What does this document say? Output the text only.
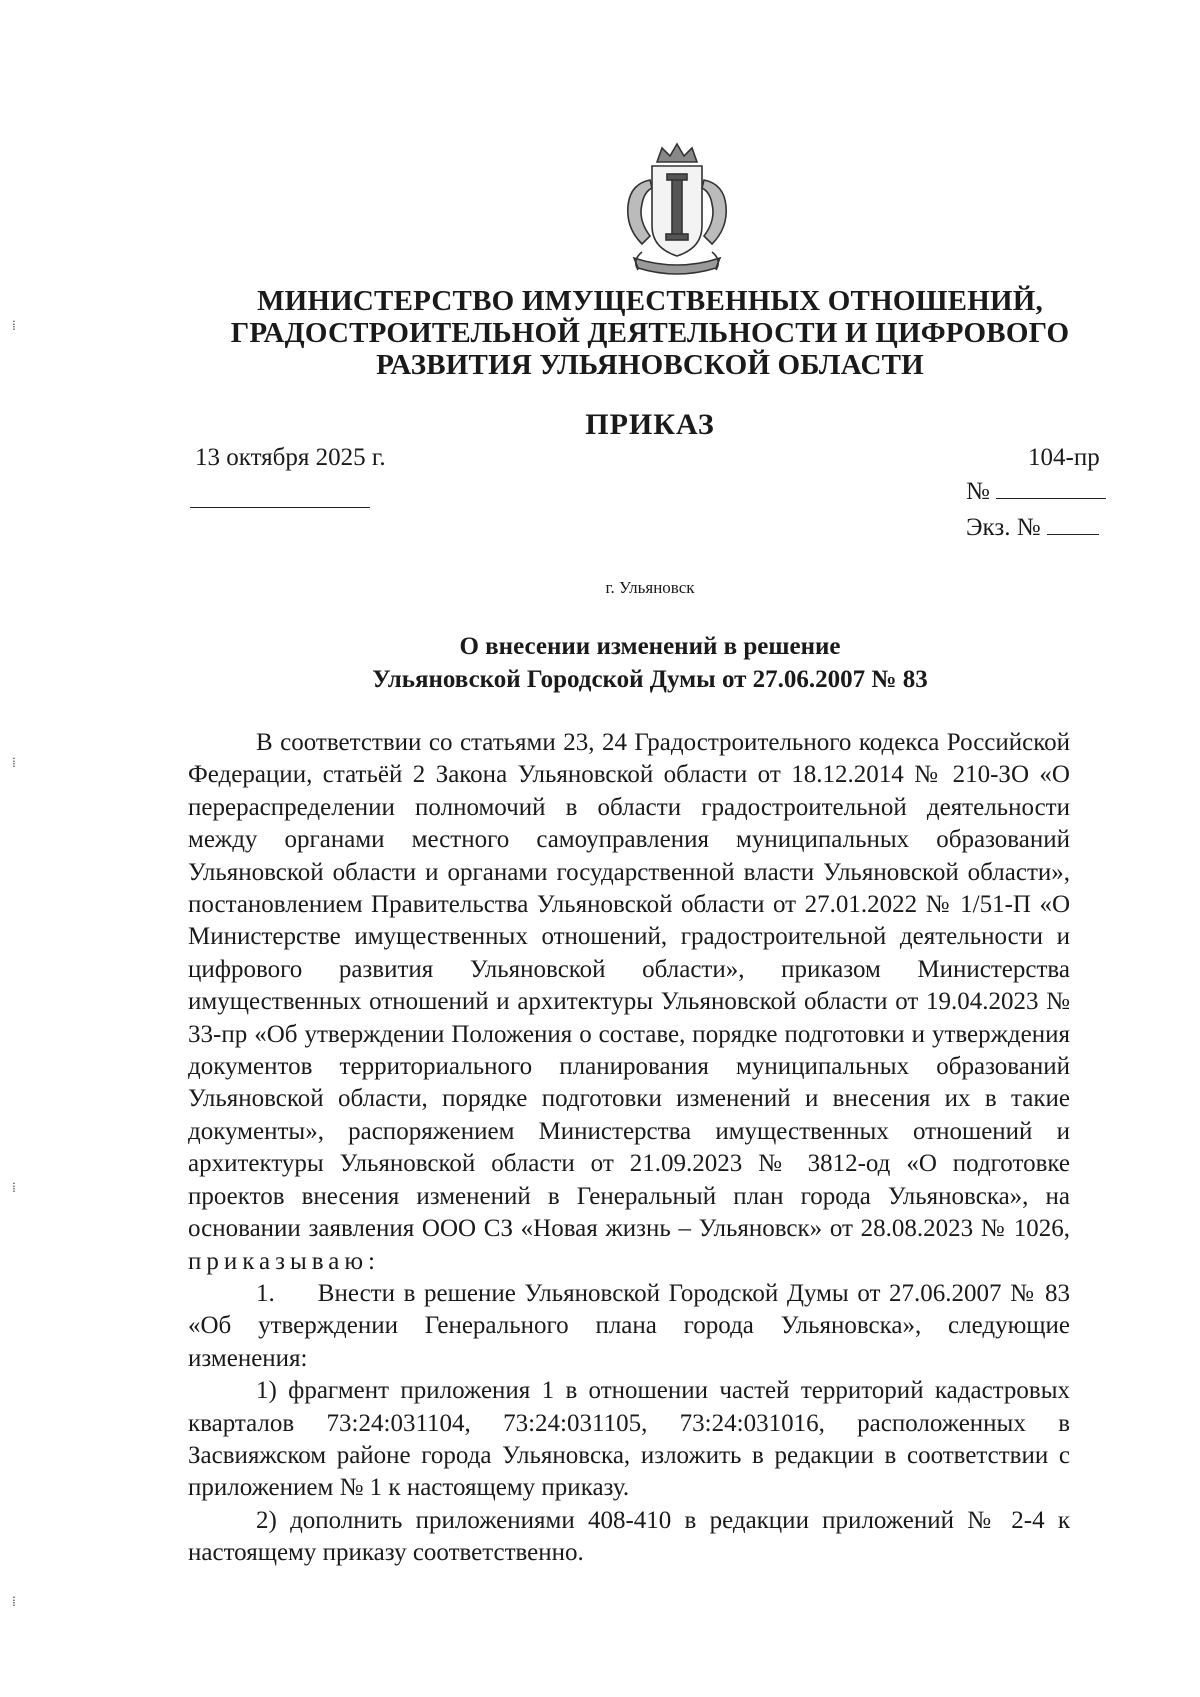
МИНИСТЕРСТВО ИМУЩЕСТВЕННЫХ ОТНОШЕНИЙ,
ГРАДОСТРОИТЕЛЬНОЙ ДЕЯТЕЛЬНОСТИ И ЦИФРОВОГО
РАЗВИТИЯ УЛЬЯНОВСКОЙ ОБЛАСТИ
ПРИКАЗ
13 октября 2025 г.	104-пр
№
Экз. №
г. Ульяновск
О внесении изменений в решение
Ульяновской Городской Думы от 27.06.2007 № 83

В соответствии со статьями 23, 24 Градостроительного кодекса Российской Федерации, статьёй 2 Закона Ульяновской области от 18.12.2014 № 210-ЗО «О перераспределении полномочий в области градостроительной деятельности между органами местного самоуправления муниципальных образований Ульяновской области и органами государственной власти Ульяновской области», постановлением Правительства Ульяновской области от 27.01.2022 № 1/51-П «О Министерстве имущественных отношений, градостроительной деятельности и цифрового развития Ульяновской области», приказом Министерства имущественных отношений и архитектуры Ульяновской области от 19.04.2023 № 33-пр «Об утверждении Положения о составе, порядке подготовки и утверждения документов территориального планирования муниципальных образований Ульяновской области, порядке подготовки изменений и внесения их в такие документы», распоряжением Министерства имущественных отношений и архитектуры Ульяновской области от 21.09.2023 № 3812-од «О подготовке проектов внесения изменений в Генеральный план города Ульяновска», на основании заявления ООО СЗ «Новая жизнь – Ульяновск» от 28.08.2023 № 1026, приказываю:

1.     Внести в решение Ульяновской Городской Думы от 27.06.2007 № 83 «Об утверждении Генерального плана города Ульяновска», следующие изменения:

1) фрагмент приложения 1 в отношении частей территорий кадастровых кварталов 73:24:031104, 73:24:031105, 73:24:031016, расположенных в Засвияжском районе города Ульяновска, изложить в редакции в соответствии с приложением № 1 к настоящему приказу.

2) дополнить приложениями 408-410 в редакции приложений № 2-4 к настоящему приказу соответственно.

⁞
⁞
⁞
⁞
